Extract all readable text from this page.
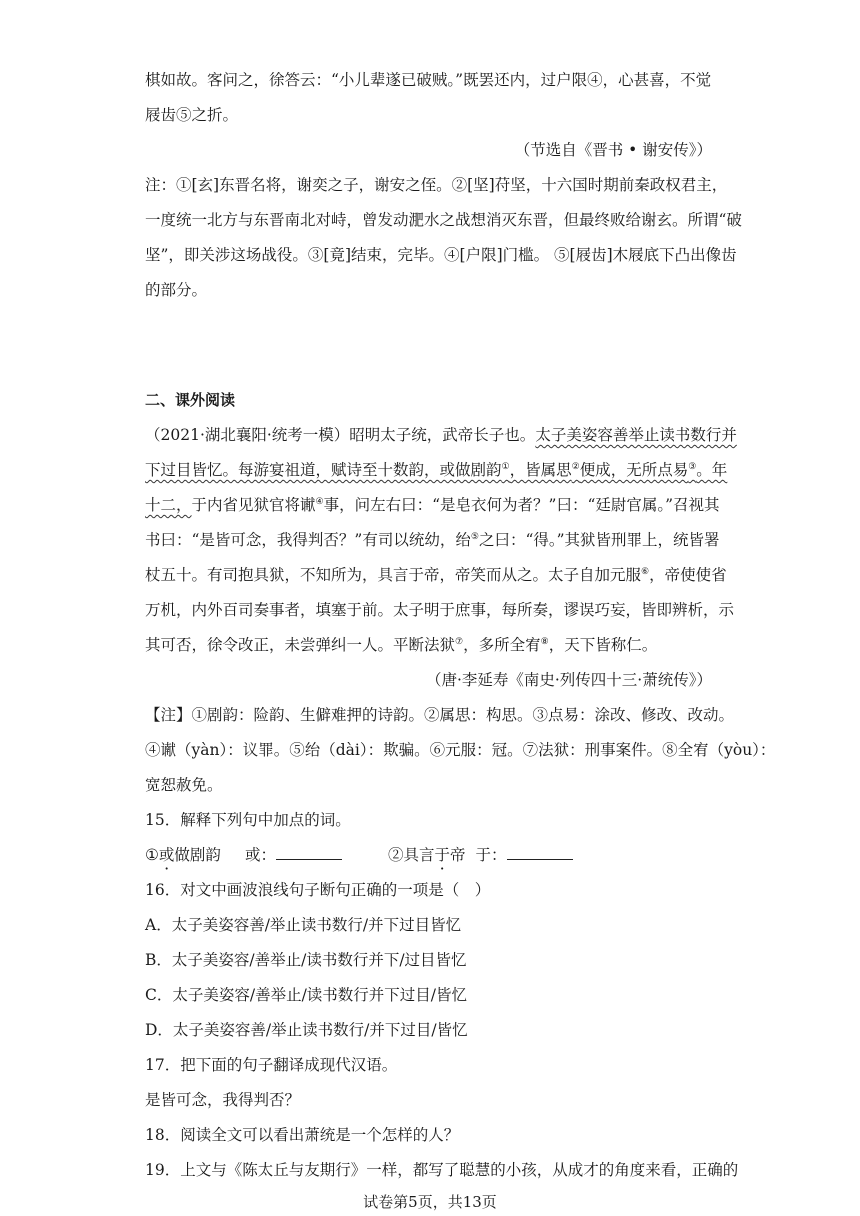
棋如故。客问之，徐答云：“小儿辈遂已破贼。”既罢还内，过户限④，心甚喜，不觉
屐齿⑤之折。
（节选自《晋书 • 谢安传》）
注：①[玄]东晋名将，谢奕之子，谢安之侄。②[坚]苻坚，十六国时期前秦政权君主，
一度统一北方与东晋南北对峙，曾发动淝水之战想消灭东晋，但最终败给谢玄。所谓“破
坚”，即关涉这场战役。③[竟]结束，完毕。④[户限]门槛。 ⑤[屐齿]木屐底下凸出像齿
的部分。
二、课外阅读
（2021·湖北襄阳·统考一模）昭明太子统，武帝长子也。太子美姿容善举止读书数行并
下过目皆忆。每游宴祖道，赋诗至十数韵，或做剧韵①，皆属思②便成，无所点易③。年
十二，于内省见狱官将谳④事，问左右曰：“是皂衣何为者？”曰：“廷尉官属。”召视其
书曰：“是皆可念，我得判否？”有司以统幼，绐⑤之曰：“得。”其狱皆刑罪上，统皆署
杖五十。有司抱具狱，不知所为，具言于帝，帝笑而从之。太子自加元服⑥，帝使使省
万机，内外百司奏事者，填塞于前。太子明于庶事，每所奏，谬误巧妄，皆即辨析，示
其可否，徐令改正，未尝弹纠一人。平断法狱⑦，多所全宥⑧，天下皆称仁。
（唐·李延寿《南史·列传四十三·萧统传》）
【注】①剧韵：险韵、生僻难押的诗韵。②属思：构思。③点易：涂改、修改、改动。
④谳（yàn）：议罪。⑤绐（dài）：欺骗。⑥元服：冠。⑦法狱：刑事案件。⑧全宥（yòu）：
宽恕赦免。
15．解释下列句中加点的词。
①或做剧韵 或：	②具言于帝 于：
16．对文中画波浪线句子断句正确的一项是（　）
A．太子美姿容善/举止读书数行/并下过目皆忆
B．太子美姿容/善举止/读书数行并下/过目皆忆
C．太子美姿容/善举止/读书数行并下过目/皆忆
D．太子美姿容善/举止读书数行/并下过目/皆忆
17．把下面的句子翻译成现代汉语。
是皆可念，我得判否？
18．阅读全文可以看出萧统是一个怎样的人？
19．上文与《陈太丘与友期行》一样，都写了聪慧的小孩，从成才的角度来看，正确的
试卷第5页，共13页
